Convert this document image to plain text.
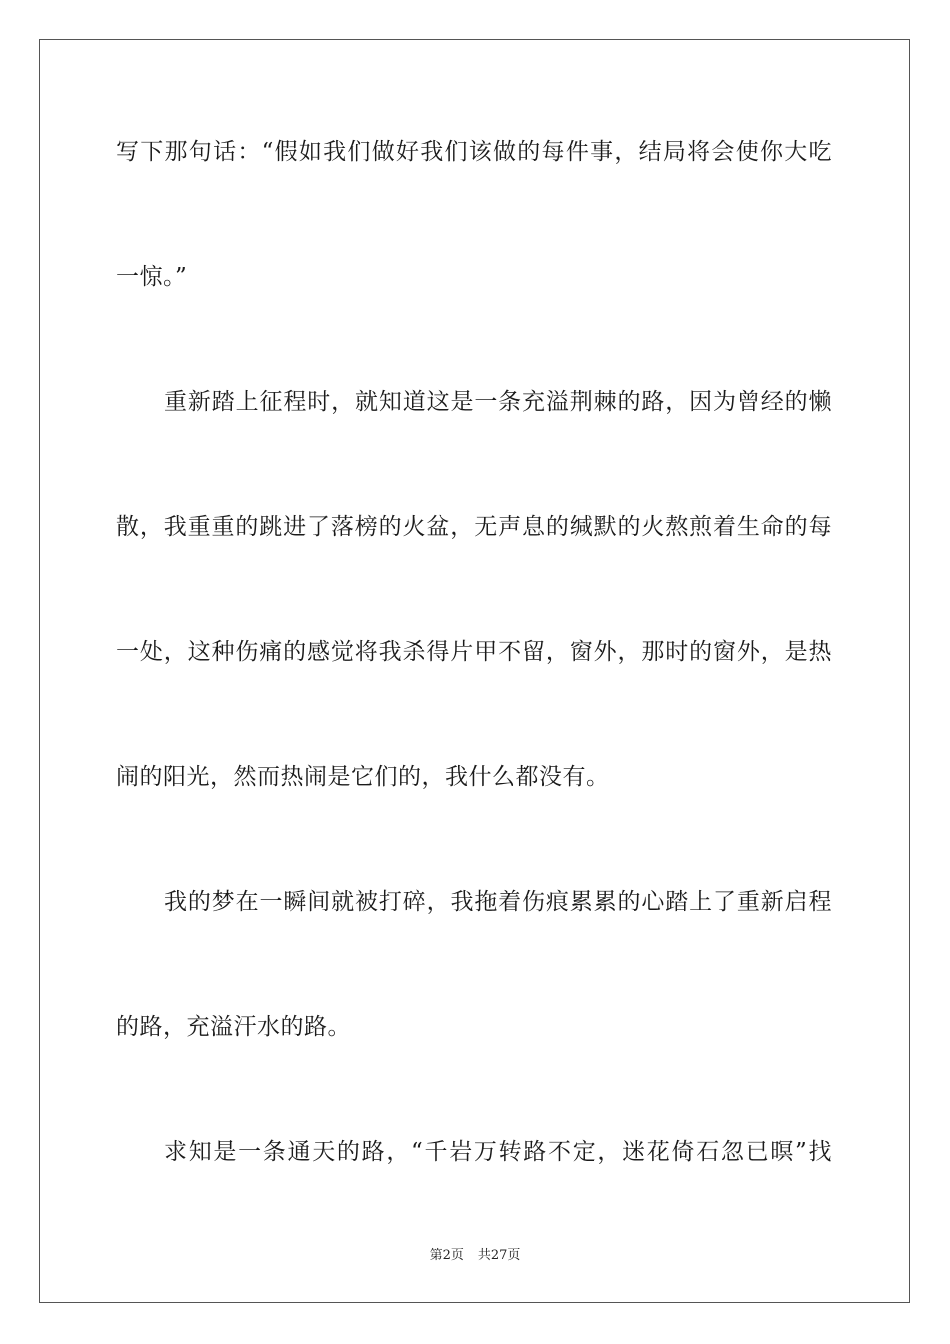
写下那句话：“假如我们做好我们该做的每件事，结局将会使你大吃
一惊。”
重新踏上征程时，就知道这是一条充溢荆棘的路，因为曾经的懒
散，我重重的跳进了落榜的火盆，无声息的缄默的火熬煎着生命的每
一处，这种伤痛的感觉将我杀得片甲不留，窗外，那时的窗外，是热
闹的阳光，然而热闹是它们的，我什么都没有。
我的梦在一瞬间就被打碎，我拖着伤痕累累的心踏上了重新启程
的路，充溢汗水的路。
求知是一条通天的路，“千岩万转路不定，迷花倚石忽已暝”找
第2页 共27页
